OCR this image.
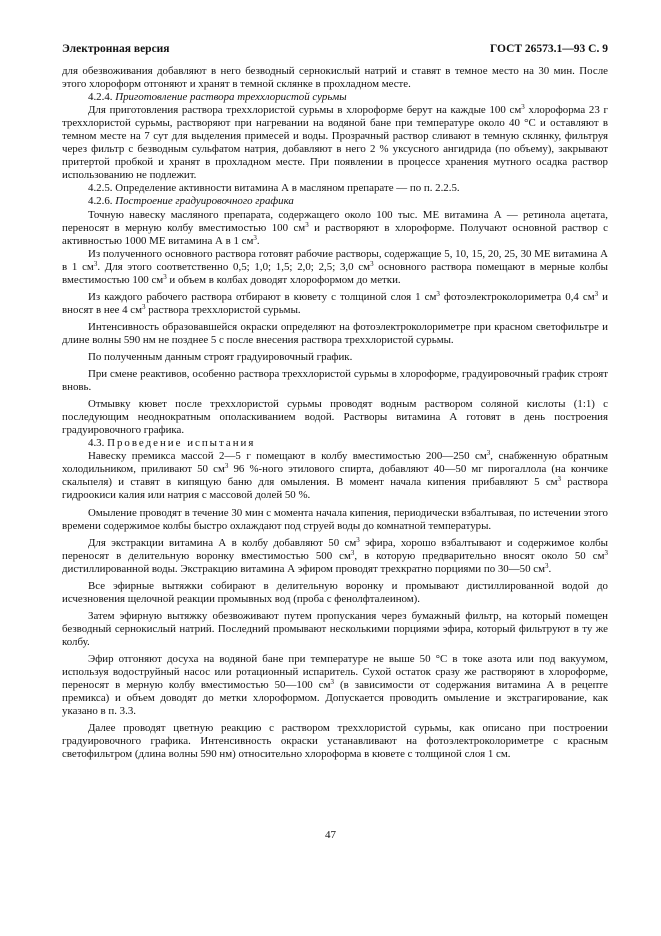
Электронная версия	ГОСТ 26573.1—93 С. 9

для обезвоживания добавляют в него безводный сернокислый натрий и ставят в темное место на 30 мин. После этого хлороформ отгоняют и хранят в темной склянке в прохладном месте.

4.2.4. Приготовление раствора треххлористой сурьмы

Для приготовления раствора треххлористой сурьмы в хлороформе берут на каждые 100 $см^3$ хлороформа 23 г треххлористой сурьмы, растворяют при нагревании на водяной бане при температуре около 40 °С и оставляют в темном месте на 7 сут для выделения примесей и воды. Прозрачный раствор сливают в темную склянку, фильтруя через фильтр с безводным сульфатом натрия, добавляют в него 2 % уксусного ангидрида (по объему), закрывают притертой пробкой и хранят в прохладном месте. При появлении в процессе хранения мутного осадка раствор использованию не подлежит.

4.2.5. Определение активности витамина А в масляном препарате — по п. 2.2.5.

4.2.6. Построение градуировочного графика

Точную навеску масляного препарата, содержащего около 100 тыс. МЕ витамина А — ретинола ацетата, переносят в мерную колбу вместимостью 100 $см^3$ и растворяют в хлороформе. Получают основной раствор с активностью 1000 МЕ витамина А в 1 $см^3$.

Из полученного основного раствора готовят рабочие растворы, содержащие 5, 10, 15, 20, 25, 30 МЕ витамина А в 1 $см^3$. Для этого соответственно 0,5; 1,0; 1,5; 2,0; 2,5; 3,0 $см^3$ основного раствора помещают в мерные колбы вместимостью 100 $см^3$ и объем в колбах доводят хлороформом до метки.

Из каждого рабочего раствора отбирают в кювету с толщиной слоя 1 $см^3$ фотоэлектроколориметра 0,4 $см^3$ и вносят в нее 4 $см^3$ раствора треххлористой сурьмы.

Интенсивность образовавшейся окраски определяют на фотоэлектроколориметре при красном светофильтре и длине волны 590 нм не позднее 5 с после внесения раствора треххлористой сурьмы.

По полученным данным строят градуировочный график.

При смене реактивов, особенно раствора треххлористой сурьмы в хлороформе, градуировочный график строят вновь.

Отмывку кювет после треххлористой сурьмы проводят водным раствором соляной кислоты (1:1) с последующим неоднократным ополаскиванием водой. Растворы витамина А готовят в день построения градуировочного графика.

4.3. Проведение испытания

Навеску премикса массой 2—5 г помещают в колбу вместимостью 200—250 $см^3$, снабженную обратным холодильником, приливают 50 $см^3$ 96 %-ного этилового спирта, добавляют 40—50 мг пирогаллола (на кончике скальпеля) и ставят в кипящую баню для омыления. В момент начала кипения прибавляют 5 $см^3$ раствора гидроокиси калия или натрия с массовой долей 50 %.

Омыление проводят в течение 30 мин с момента начала кипения, периодически взбалтывая, по истечении этого времени содержимое колбы быстро охлаждают под струей воды до комнатной температуры.

Для экстракции витамина А в колбу добавляют 50 $см^3$ эфира, хорошо взбалтывают и содержимое колбы переносят в делительную воронку вместимостью 500 $см^3$, в которую предварительно вносят около 50 $см^3$ дистиллированной воды. Экстракцию витамина А эфиром проводят трехкратно порциями по 30—50 $см^3$.

Все эфирные вытяжки собирают в делительную воронку и промывают дистиллированной водой до исчезновения щелочной реакции промывных вод (проба с фенолфталеином).

Затем эфирную вытяжку обезвоживают путем пропускания через бумажный фильтр, на который помещен безводный сернокислый натрий. Последний промывают несколькими порциями эфира, который фильтруют в ту же колбу.

Эфир отгоняют досуха на водяной бане при температуре не выше 50 °С в токе азота или под вакуумом, используя водоструйный насос или ротационный испаритель. Сухой остаток сразу же растворяют в хлороформе, переносят в мерную колбу вместимостью 50—100 $см^3$ (в зависимости от содержания витамина А в рецепте премикса) и объем доводят до метки хлороформом. Допускается проводить омыление и экстрагирование, как указано в п. 3.3.

Далее проводят цветную реакцию с раствором треххлористой сурьмы, как описано при построении градуировочного графика. Интенсивность окраски устанавливают на фотоэлектроколориметре с красным светофильтром (длина волны 590 нм) относительно хлороформа в кювете с толщиной слоя 1 см.

47
